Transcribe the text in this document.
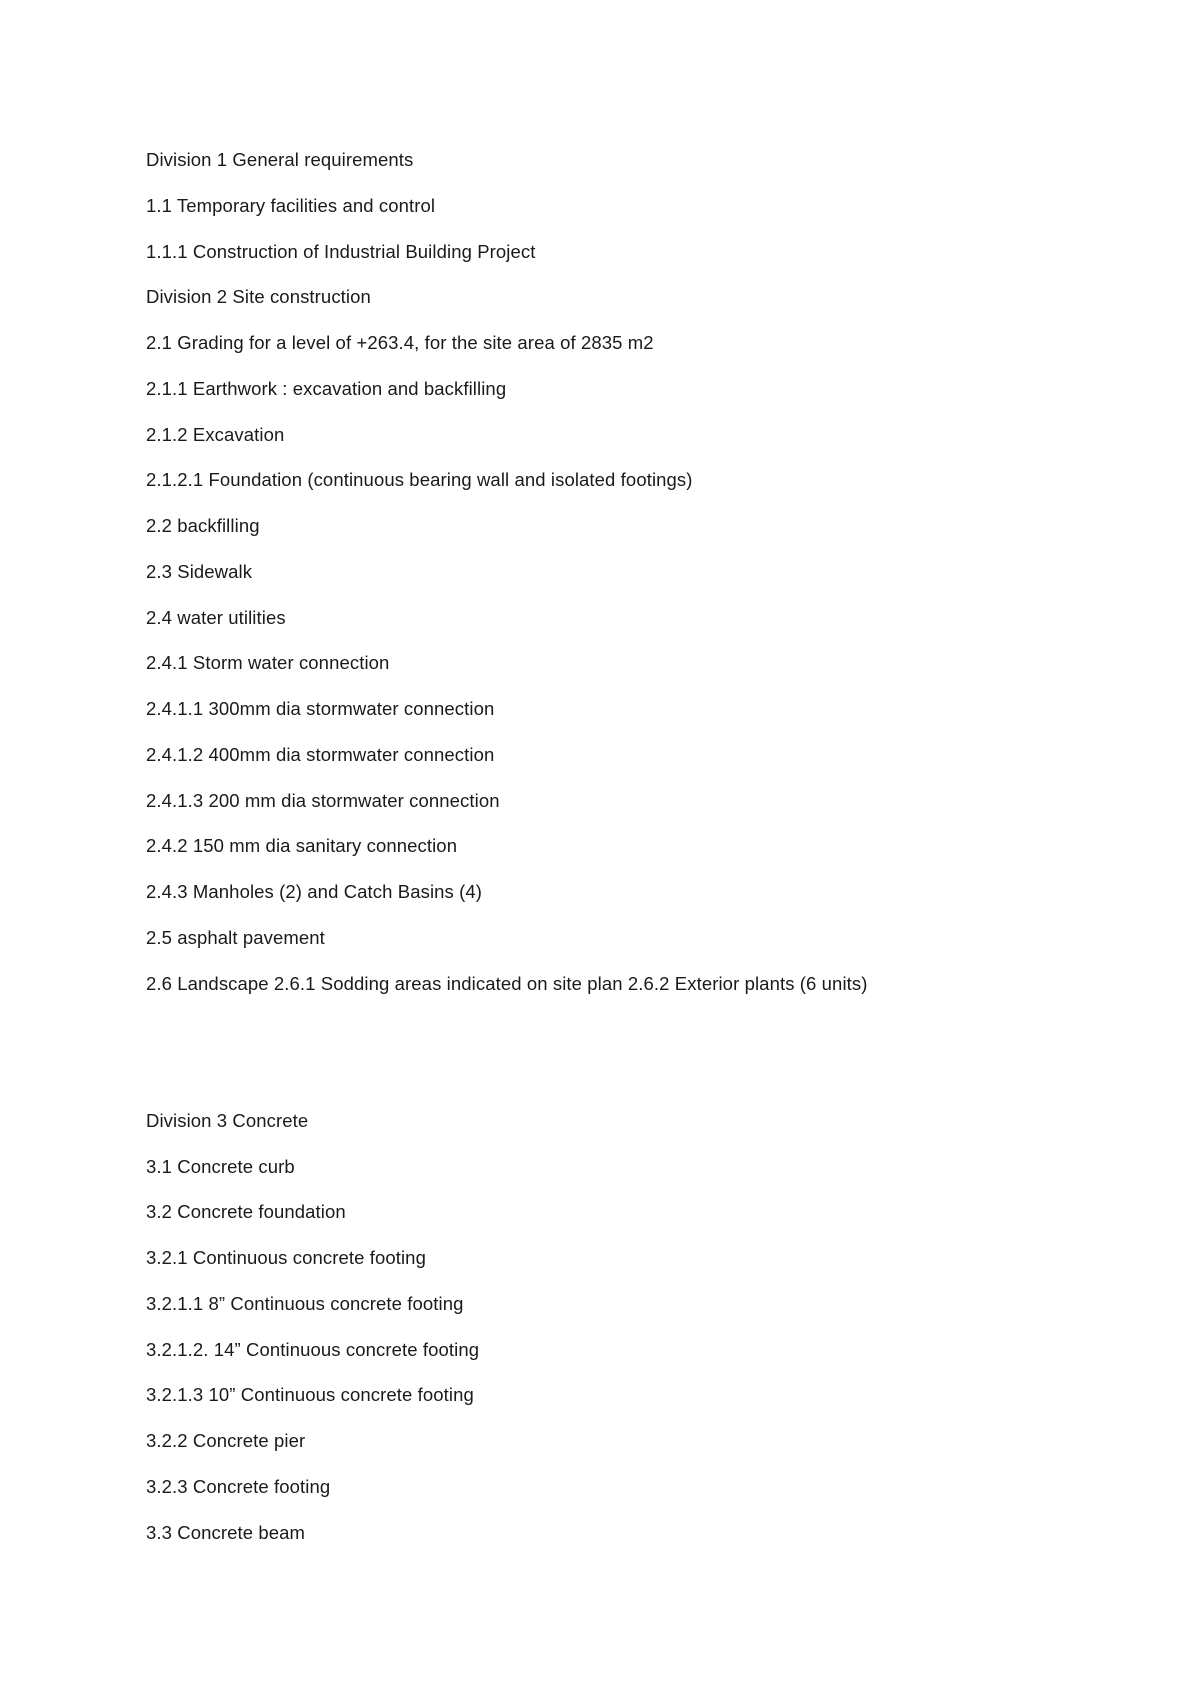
Division 1 General requirements
1.1 Temporary facilities and control
1.1.1 Construction of Industrial Building Project
Division 2 Site construction
2.1 Grading for a level of +263.4, for the site area of 2835 m2
2.1.1 Earthwork : excavation and backfilling
2.1.2 Excavation
2.1.2.1 Foundation (continuous bearing wall and isolated footings)
2.2 backfilling
2.3 Sidewalk
2.4 water utilities
2.4.1 Storm water connection
2.4.1.1 300mm dia stormwater connection
2.4.1.2 400mm dia stormwater connection
2.4.1.3 200 mm dia stormwater connection
2.4.2 150 mm dia sanitary connection
2.4.3 Manholes (2) and Catch Basins (4)
2.5 asphalt pavement
2.6 Landscape 2.6.1 Sodding areas indicated on site plan 2.6.2 Exterior plants (6 units)
Division 3 Concrete
3.1 Concrete curb
3.2 Concrete foundation
3.2.1 Continuous concrete footing
3.2.1.1 8” Continuous concrete footing
3.2.1.2. 14” Continuous concrete footing
3.2.1.3 10” Continuous concrete footing
3.2.2 Concrete pier
3.2.3 Concrete footing
3.3 Concrete beam
